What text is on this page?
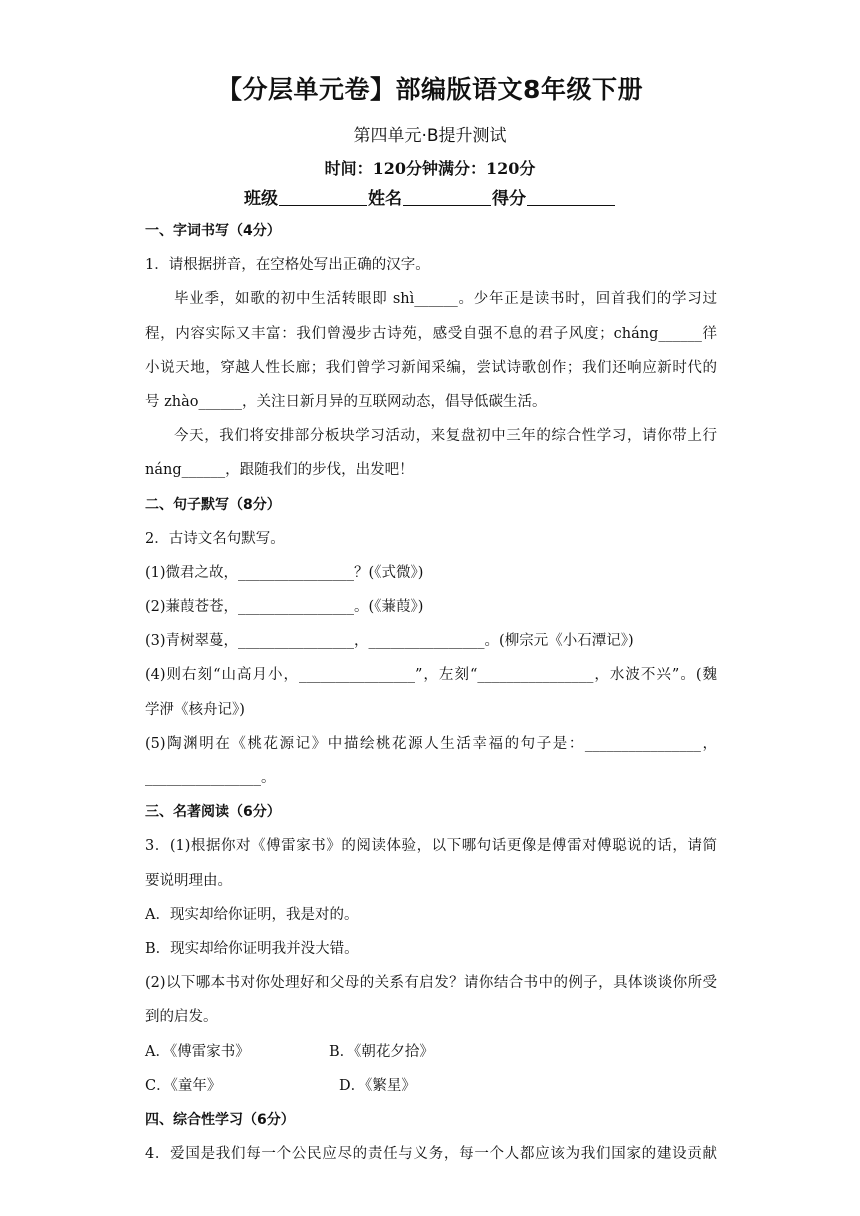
【分层单元卷】部编版语文8年级下册
第四单元·B提升测试
时间：120分钟满分：120分
班级	姓名	得分
一、字词书写（4分）
1．请根据拼音，在空格处写出正确的汉字。
毕业季，如歌的初中生活转眼即 shì______。少年正是读书时，回首我们的学习过
程，内容实际又丰富：我们曾漫步古诗苑，感受自强不息的君子风度；cháng______徉
小说天地，穿越人性长廊；我们曾学习新闻采编，尝试诗歌创作；我们还响应新时代的
号 zhào______，关注日新月异的互联网动态，倡导低碳生活。
今天，我们将安排部分板块学习活动，来复盘初中三年的综合性学习，请你带上行
náng______，跟随我们的步伐，出发吧！
二、句子默写（8分）
2．古诗文名句默写。
(1)微君之故，________________？(《式微》)
(2)蒹葭苍苍，________________。(《蒹葭》)
(3)青树翠蔓，________________，________________。(柳宗元《小石潭记》)
(4)则右刻“山高月小，________________”，左刻“________________，水波不兴”。(魏
学洢《核舟记》)
(5)陶渊明在《桃花源记》中描绘桃花源人生活幸福的句子是：________________，
________________。
三、名著阅读（6分）
3．(1)根据你对《傅雷家书》的阅读体验，以下哪句话更像是傅雷对傅聪说的话，请简
要说明理由。
A．现实却给你证明，我是对的。
B．现实却给你证明我并没大错。
(2)以下哪本书对你处理好和父母的关系有启发？请你结合书中的例子，具体谈谈你所受
到的启发。
A．《傅雷家书》	B．《朝花夕拾》
C．《童年》	D．《繁星》
四、综合性学习（6分）
4．爱国是我们每一个公民应尽的责任与义务，每一个人都应该为我们国家的建设贡献
